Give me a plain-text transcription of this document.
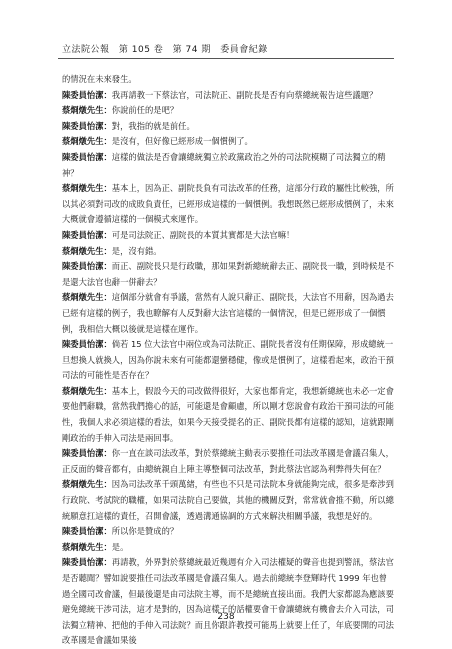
立法院公報 第 105 卷 第 74 期 委員會紀錄

的情況在未來發生。

陳委員怡潔：我再請教一下蔡法官，司法院正、副院長是否有向蔡總統報告這些議題？

蔡烱燉先生：你說前任的是吧？

陳委員怡潔：對，我指的就是前任。

蔡烱燉先生：是沒有，但好像已經形成一個慣例了。

陳委員怡潔：這樣的做法是否會讓總統獨立於政黨政治之外的司法院模糊了司法獨立的精神？

蔡烱燉先生：基本上，因為正、副院長負有司法改革的任務，這部分行政的屬性比較強，所以其必須對司改的成敗負責任，已經形成這樣的一個慣例。我想既然已經形成慣例了，未來大概就會遵循這樣的一個模式來運作。

陳委員怡潔：可是司法院正、副院長的本質其實都是大法官嘛！

蔡烱燉先生：是，沒有錯。

陳委員怡潔：而正、副院長只是行政職，那如果對新總統辭去正、副院長一職，到時候是不是還大法官也辭一併辭去？

蔡烱燉先生：這個部分就會有爭議，當然有人說只辭正、副院長，大法官不用辭，因為過去已經有這樣的例子，我也瞭解有人反對辭大法官這樣的一個情況，但是已經形成了一個慣例，我相信大概以後就是這樣在運作。

陳委員怡潔：倘若 15 位大法官中兩位或為司法院正、副院長者沒有任期保障，形成總統一旦想換人就換人，因為你說未來有可能都還蠻穩健，像或是慣例了，這樣看起來，政治干預司法的可能性是否存在？

蔡烱燉先生：基本上，假設今天的司改做得很好，大家也都肯定，我想新總統也未必一定會要他們辭職，當然我們擔心的話，可能還是會顧慮，所以剛才您說會有政治干預司法的可能性，我個人求必須這樣的看法，如果今天接受提名的正、副院長都有這樣的認知，這就跟剛剛政治的手伸入司法是兩回事。

陳委員怡潔：你一直在談司法改革，對於蔡總統主動表示要推任司法改革國是會議召集人，正反面的聲音都有，由總統親自上陣主導整個司法改革，對此蔡法官認為利弊得失何在？

蔡烱燉先生：因為司法改革千頭萬緒，有些也不只是司法院本身就能夠完成，很多是牽涉到行政院、考試院的職權，如果司法院自己要做，其他的機關反對，常常就會推不動，所以總統願意扛這樣的責任，召開會議，透過溝通協調的方式來解決相關爭議，我想是好的。

陳委員怡潔：所以你是贊成的？

蔡烱燉先生：是。

陳委員怡潔：再請教，外界對於蔡總統最近幾週有介入司法權疑的聲音也提到警訊，蔡法官是否聽聞？譬如說要推任司法改革國是會議召集人。過去前總統李登輝時代 1999 年也曾過全國司改會議，但最後還是由司法院主導，而不是總統直接出面。我們大家都認為應該要避免總統干涉司法，這才是對的，因為這樣子的話權要會干會讓總統有機會去介入司法，司法獨立精神、把他的手伸入司法院？而且你跟許教授可能馬上就要上任了，年底要開的司法改革國是會議如果後

238
